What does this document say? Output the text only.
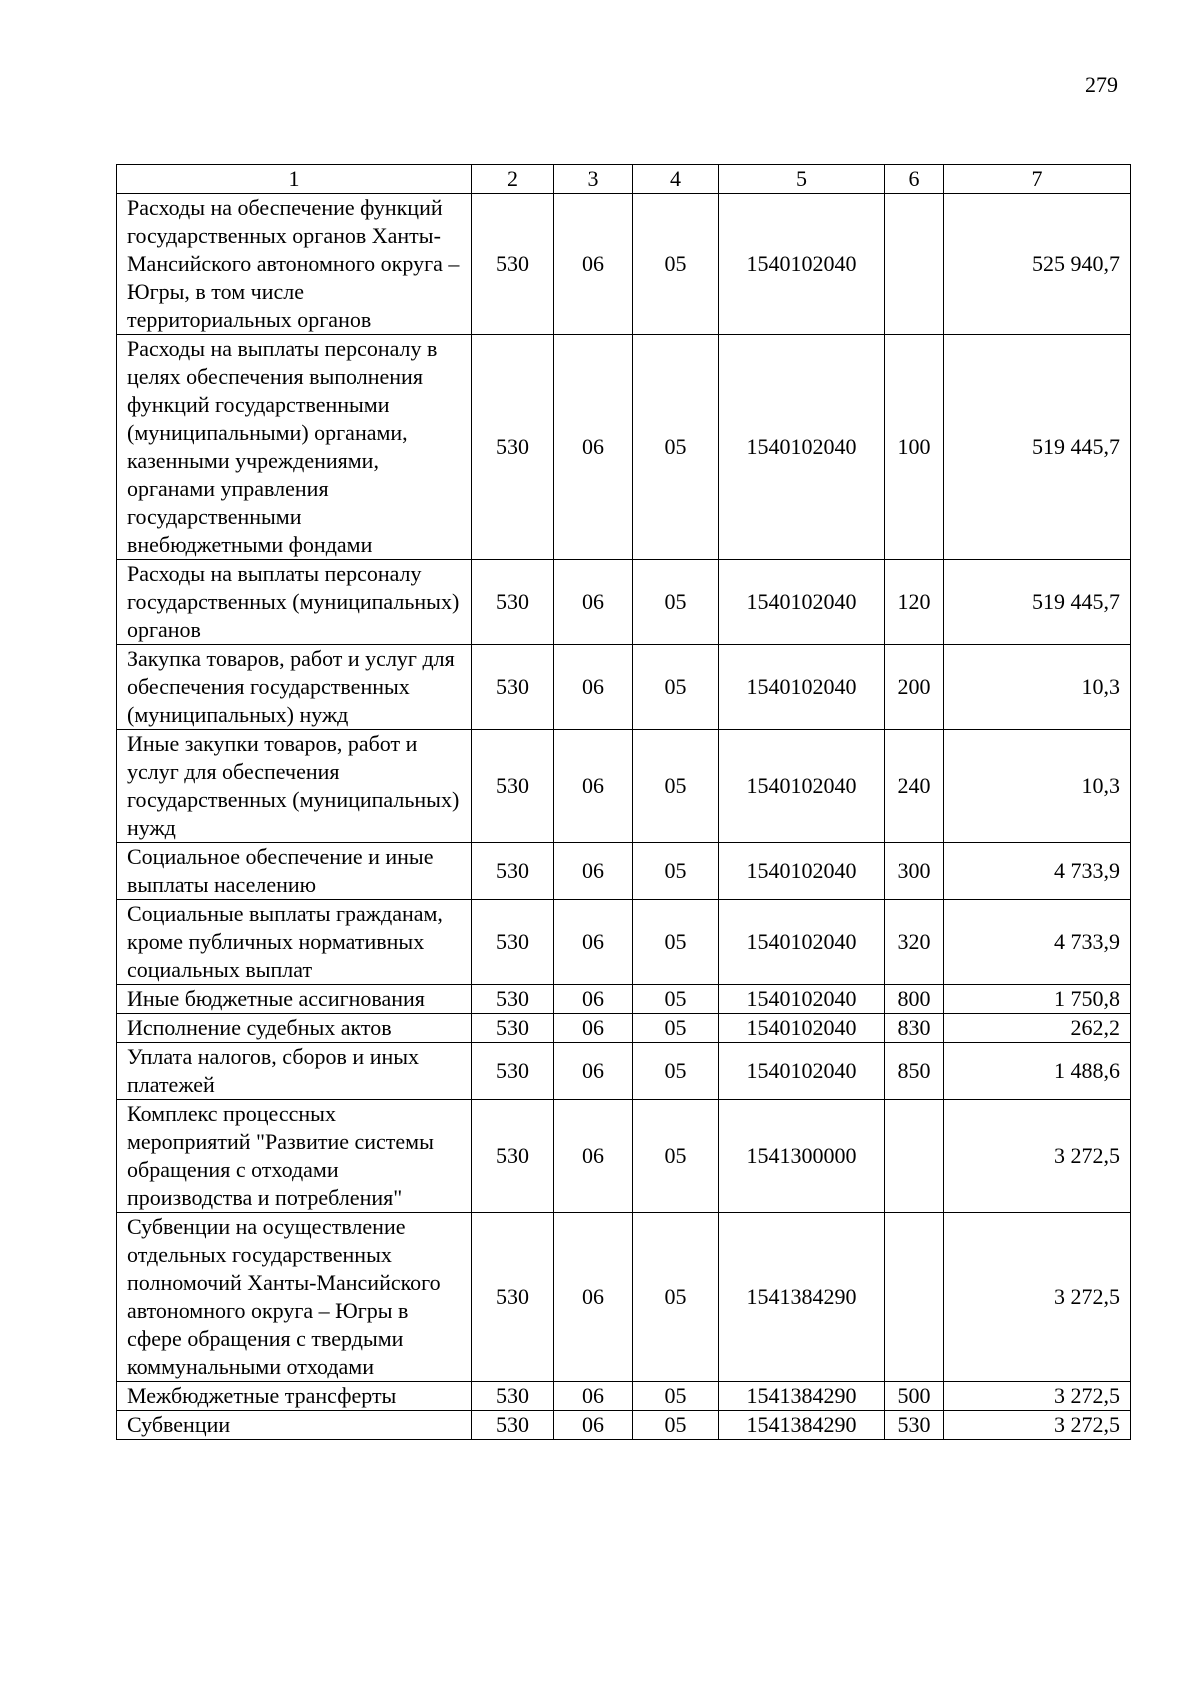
279
1	2	3	4	5	6	7
Расходы на обеспечение функций государственных органов Ханты-Мансийского автономного округа – Югры, в том числе территориальных органов	530	06	05	1540102040		525 940,7
Расходы на выплаты персоналу в целях обеспечения выполнения функций государственными (муниципальными) органами, казенными учреждениями, органами управления государственными внебюджетными фондами	530	06	05	1540102040	100	519 445,7
Расходы на выплаты персоналу государственных (муниципальных) органов	530	06	05	1540102040	120	519 445,7
Закупка товаров, работ и услуг для обеспечения государственных (муниципальных) нужд	530	06	05	1540102040	200	10,3
Иные закупки товаров, работ и услуг для обеспечения государственных (муниципальных) нужд	530	06	05	1540102040	240	10,3
Социальное обеспечение и иные выплаты населению	530	06	05	1540102040	300	4 733,9
Социальные выплаты гражданам, кроме публичных нормативных социальных выплат	530	06	05	1540102040	320	4 733,9
Иные бюджетные ассигнования	530	06	05	1540102040	800	1 750,8
Исполнение судебных актов	530	06	05	1540102040	830	262,2
Уплата налогов, сборов и иных платежей	530	06	05	1540102040	850	1 488,6
Комплекс процессных мероприятий "Развитие системы обращения с отходами производства и потребления"	530	06	05	1541300000		3 272,5
Субвенции на осуществление отдельных государственных полномочий Ханты-Мансийского автономного округа – Югры в сфере обращения с твердыми коммунальными отходами	530	06	05	1541384290		3 272,5
Межбюджетные трансферты	530	06	05	1541384290	500	3 272,5
Субвенции	530	06	05	1541384290	530	3 272,5
